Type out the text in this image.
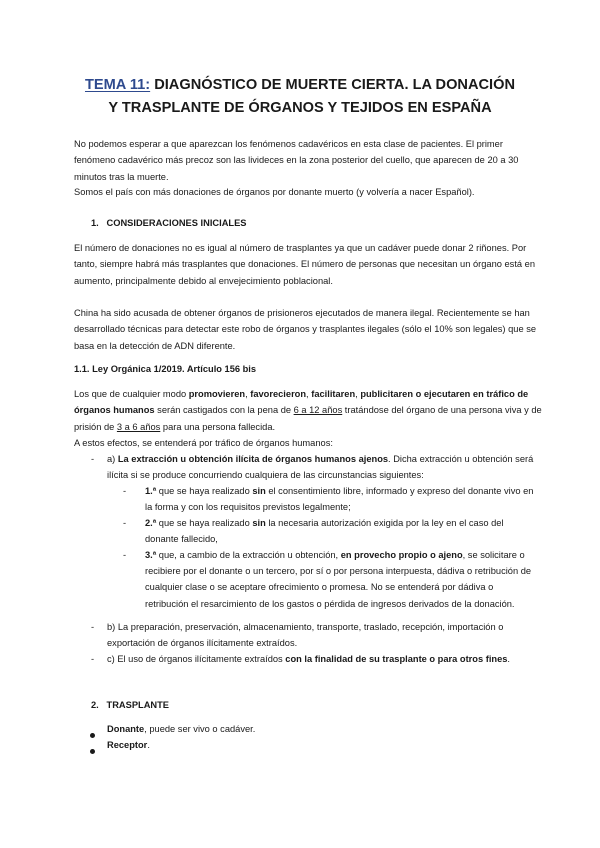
TEMA 11: DIAGNÓSTICO DE MUERTE CIERTA. LA DONACIÓN
Y TRASPLANTE DE ÓRGANOS Y TEJIDOS EN ESPAÑA

No podemos esperar a que aparezcan los fenómenos cadavéricos en esta clase de pacientes. El primer fenómeno cadavérico más precoz son las livideces en la zona posterior del cuello, que aparecen de 20 a 30 minutos tras la muerte.

Somos el país con más donaciones de órganos por donante muerto (y volvería a nacer Español).

1. CONSIDERACIONES INICIALES

El número de donaciones no es igual al número de trasplantes ya que un cadáver puede donar 2 riñones. Por tanto, siempre habrá más trasplantes que donaciones. El número de personas que necesitan un órgano está en aumento, principalmente debido al envejecimiento poblacional.

China ha sido acusada de obtener órganos de prisioneros ejecutados de manera ilegal. Recientemente se han desarrollado técnicas para detectar este robo de órganos y trasplantes ilegales (sólo el 10% son legales) que se basa en la detección de ADN diferente.

1.1. Ley Orgánica 1/2019. Artículo 156 bis

Los que de cualquier modo promovieren, favorecieron, facilitaren, publicitaren o ejecutaren en tráfico de órganos humanos serán castigados con la pena de 6 a 12 años tratándose del órgano de una persona viva y de prisión de 3 a 6 años para una persona fallecida.

A estos efectos, se entenderá por tráfico de órganos humanos:

- a) La extracción u obtención ilícita de órganos humanos ajenos. Dicha extracción u obtención será ilícita si se produce concurriendo cualquiera de las circunstancias siguientes:
- 1.ª que se haya realizado sin el consentimiento libre, informado y expreso del donante vivo en la forma y con los requisitos previstos legalmente;
- 2.ª que se haya realizado sin la necesaria autorización exigida por la ley en el caso del donante fallecido,
- 3.ª que, a cambio de la extracción u obtención, en provecho propio o ajeno, se solicitare o recibiere por el donante o un tercero, por sí o por persona interpuesta, dádiva o retribución de cualquier clase o se aceptare ofrecimiento o promesa. No se entenderá por dádiva o retribución el resarcimiento de los gastos o pérdida de ingresos derivados de la donación.
- b) La preparación, preservación, almacenamiento, transporte, traslado, recepción, importación o exportación de órganos ilícitamente extraídos.
- c) El uso de órganos ilícitamente extraídos con la finalidad de su trasplante o para otros fines.
2. TRASPLANTE
Donante, puede ser vivo o cadáver.
Receptor.
